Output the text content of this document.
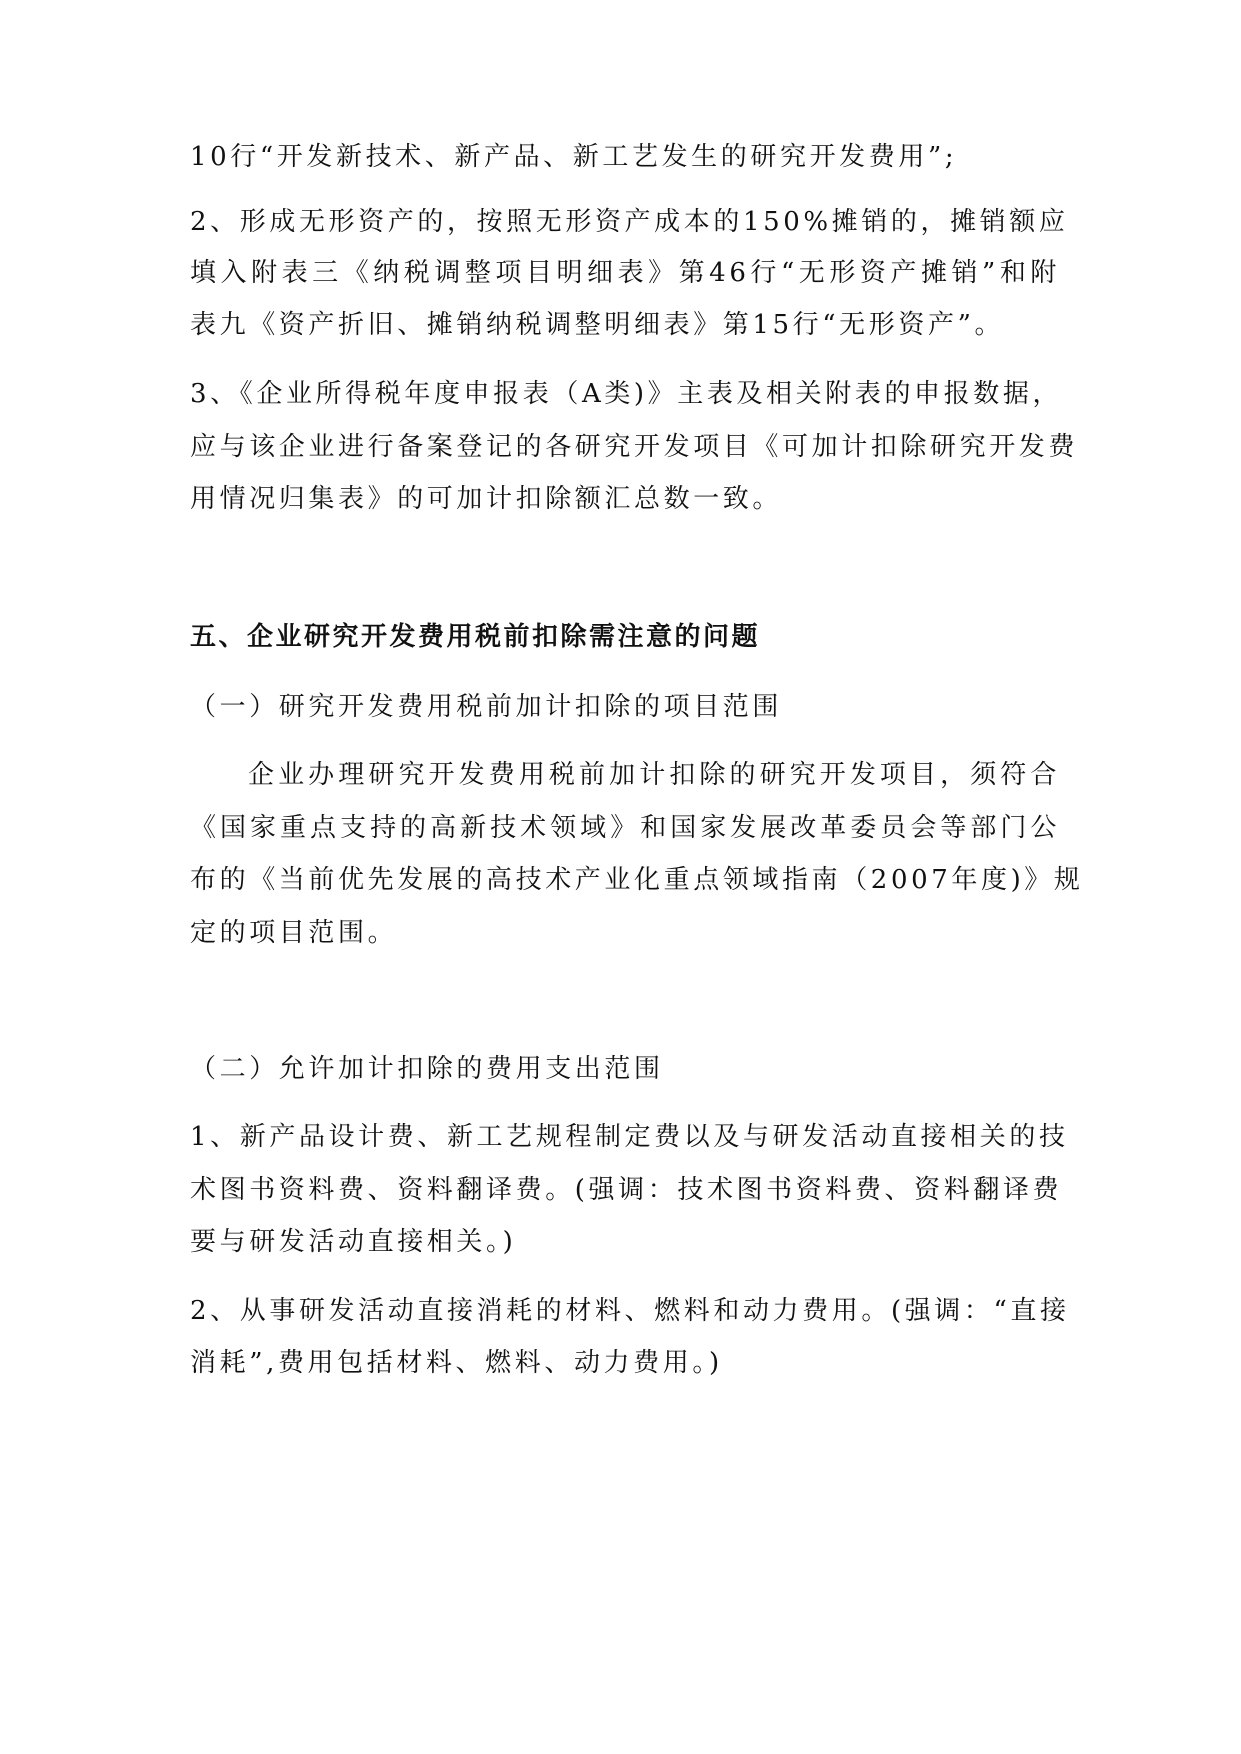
10行“开发新技术、新产品、新工艺发生的研究开发费用”;
2、形成无形资产的，按照无形资产成本的150%摊销的，摊销额应
填入附表三《纳税调整项目明细表》第46行“无形资产摊销”和附
表九《资产折旧、摊销纳税调整明细表》第15行“无形资产”。
3、《企业所得税年度申报表（A类)》主表及相关附表的申报数据，
应与该企业进行备案登记的各研究开发项目《可加计扣除研究开发费
用情况归集表》的可加计扣除额汇总数一致。
五、企业研究开发费用税前扣除需注意的问题
（一）研究开发费用税前加计扣除的项目范围
企业办理研究开发费用税前加计扣除的研究开发项目，须符合
《国家重点支持的高新技术领域》和国家发展改革委员会等部门公
布的《当前优先发展的高技术产业化重点领域指南（2007年度)》规
定的项目范围。
（二）允许加计扣除的费用支出范围
1、新产品设计费、新工艺规程制定费以及与研发活动直接相关的技
术图书资料费、资料翻译费。(强调：技术图书资料费、资料翻译费
要与研发活动直接相关。)
2、从事研发活动直接消耗的材料、燃料和动力费用。(强调：“直接
消耗”,费用包括材料、燃料、动力费用。)
